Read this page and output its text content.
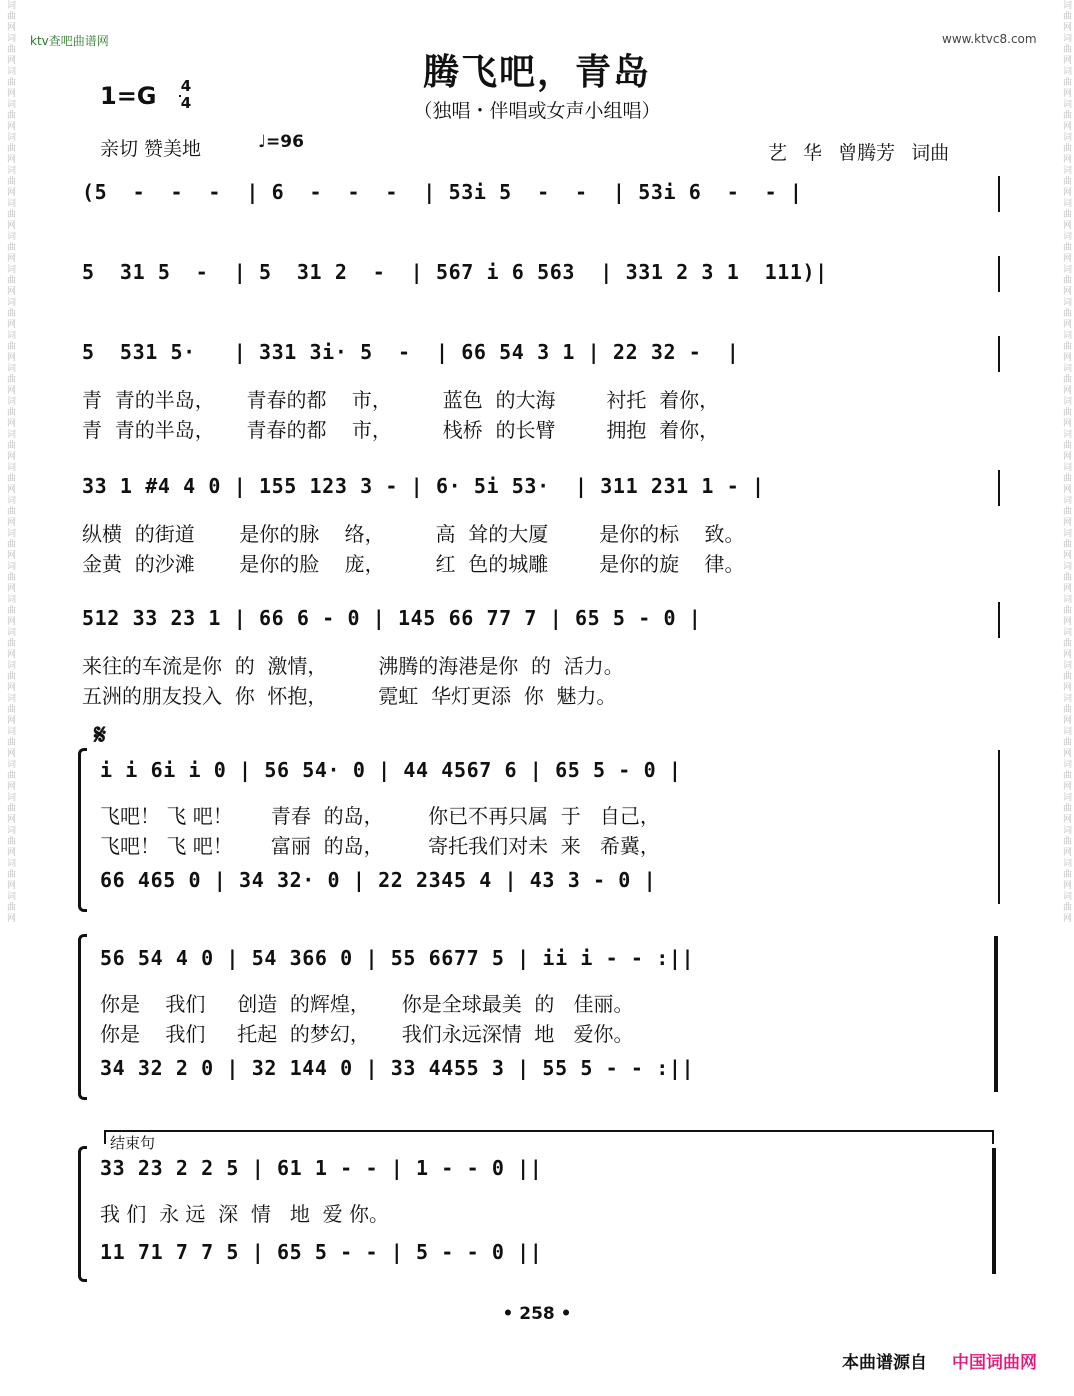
词曲网词曲网词曲网词曲网词曲网词曲网词曲网词曲网词曲网词曲网词曲网词曲网词曲网词曲网词曲网词曲网词曲网词曲网词曲网词曲网词曲网词曲网词曲网词曲网词曲网词曲网词曲网词曲网	词曲网词曲网词曲网词曲网词曲网词曲网词曲网词曲网词曲网词曲网词曲网词曲网词曲网词曲网词曲网词曲网词曲网词曲网词曲网词曲网词曲网词曲网词曲网词曲网词曲网词曲网词曲网词曲网
ktv查吧曲谱网	www.ktvc8.com
腾飞吧，青岛
（独唱・伴唱或女声小组唱）
1=G 4
4
亲切 赞美地	♩=96	艺 华 曾腾芳 词曲
(5  -  -  -  | 6  -  -  -  | 53i 5  -  -  | 53i 6  -  - |
5  31 5  -  | 5  31 2  -  | 567 i 6 563  | 331 2 3 1  111)|
5  531 5·   | 331 3i· 5  -  | 66 54 3 1 | 22 32 -  |
青  青的半岛，     青春的都    市，        蓝色  的大海        衬托  着你，
青  青的半岛，     青春的都    市，        栈桥  的长臂        拥抱  着你，
33 1 #4 4 0 | 155 123 3 - | 6· 5i 53·  | 311 231 1 - |
纵横  的街道       是你的脉    络，        高  耸的大厦        是你的标    致。
金黄  的沙滩       是你的脸    庞，        红  色的城雕        是你的旋    律。
512 33 23 1 | 66 6 - 0 | 145 66 77 7 | 65 5 - 0 |
来往的车流是你  的  激情，        沸腾的海港是你  的  活力。
五洲的朋友投入  你  怀抱，        霓虹  华灯更添  你  魅力。
𝄋
i i 6i i 0 | 56 54· 0 | 44 4567 6 | 65 5 - 0 |
飞吧！ 飞 吧！      青春  的岛，       你已不再只属  于   自己，
飞吧！ 飞 吧！      富丽  的岛，       寄托我们对未  来   希冀，
66 465 0 | 34 32· 0 | 22 2345 4 | 43 3 - 0 |
56 54 4 0 | 54 366 0 | 55 6677 5 | ii i - - :||
你是    我们     创造  的辉煌，     你是全球最美  的   佳丽。
你是    我们     托起  的梦幻，     我们永远深情  地   爱你。
34 32 2 0 | 32 144 0 | 33 4455 3 | 55 5 - - :||
结束句
33 23 2 2 5 | 61 1 - - | 1 - - 0 ||
我 们  永 远  深  情   地  爱 你。
11 71 7 7 5 | 65 5 - - | 5 - - 0 ||
• 258 •
本曲谱源自 中国词曲网
